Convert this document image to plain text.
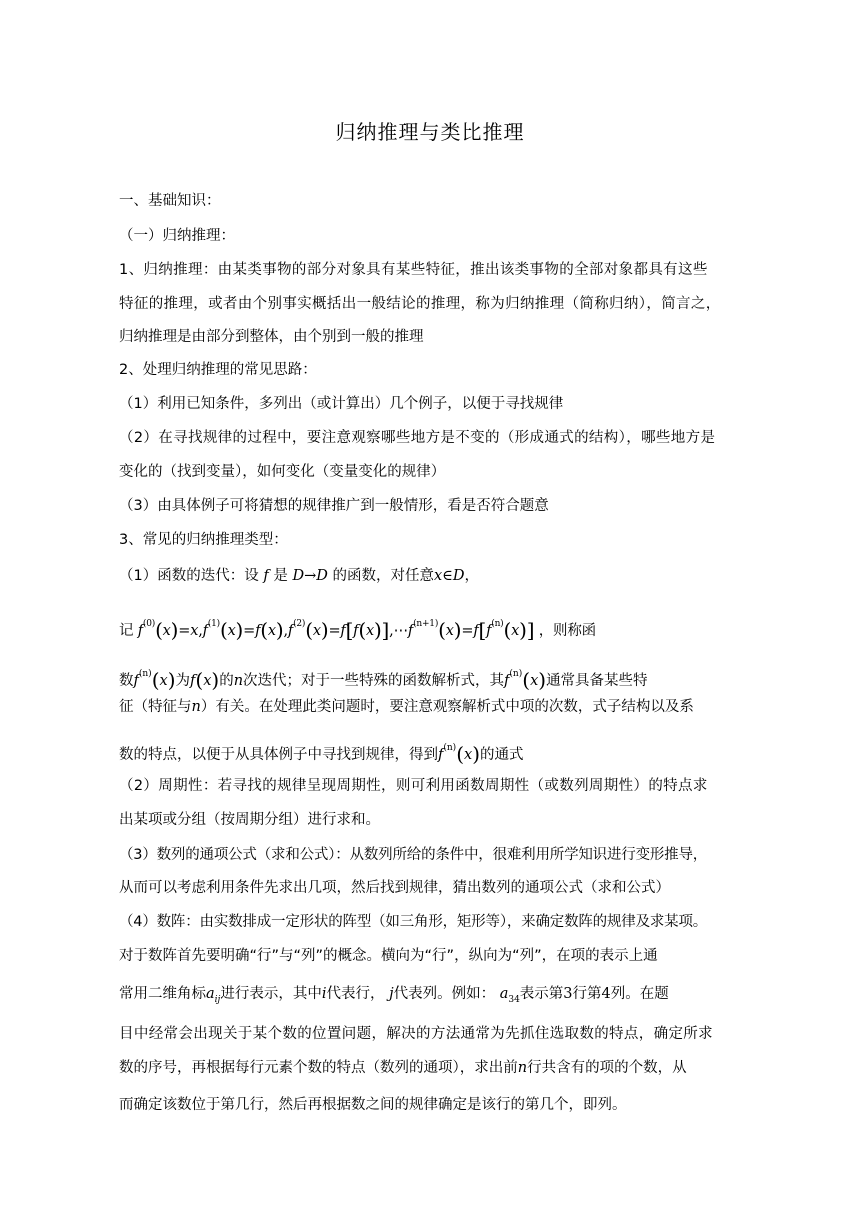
归纳推理与类比推理
一、基础知识：
（一）归纳推理：
1、归纳推理：由某类事物的部分对象具有某些特征，推出该类事物的全部对象都具有这些
特征的推理，或者由个别事实概括出一般结论的推理，称为归纳推理（简称归纳），简言之，
归纳推理是由部分到整体，由个别到一般的推理
2、处理归纳推理的常见思路：
（1）利用已知条件，多列出（或计算出）几个例子，以便于寻找规律
（2）在寻找规律的过程中，要注意观察哪些地方是不变的（形成通式的结构），哪些地方是
变化的（找到变量），如何变化（变量变化的规律）
（3）由具体例子可将猜想的规律推广到一般情形，看是否符合题意
3、常见的归纳推理类型：
（1）函数的迭代：设 f 是 D→D 的函数，对任意x∈D，
记 $f^{(0)}(x)=x,f^{(1)}(x)=f(x),f^{(2)}(x)=f[f(x)],\cdots f^{(n+1)}(x)=f[f^{(n)}(x)]$ ，则称函
数$f^{(n)}(x)$为f(x)的n次迭代；对于一些特殊的函数解析式，其$f^{(n)}(x)$通常具备某些特
征（特征与n）有关。在处理此类问题时，要注意观察解析式中项的次数，式子结构以及系
数的特点，以便于从具体例子中寻找到规律，得到$f^{(n)}(x)$的通式
（2）周期性：若寻找的规律呈现周期性，则可利用函数周期性（或数列周期性）的特点求
出某项或分组（按周期分组）进行求和。
（3）数列的通项公式（求和公式）：从数列所给的条件中，很难利用所学知识进行变形推导，
从而可以考虑利用条件先求出几项，然后找到规律，猜出数列的通项公式（求和公式）
（4）数阵：由实数排成一定形状的阵型（如三角形，矩形等），来确定数阵的规律及求某项。
对于数阵首先要明确“行”与“列”的概念。横向为“行”，纵向为“列”，在项的表示上通
常用二维角标$a_{ij}$进行表示，其中i代表行， j代表列。例如： $a_{34}$表示第3行第4列。在题
目中经常会出现关于某个数的位置问题，解决的方法通常为先抓住选取数的特点，确定所求
数的序号，再根据每行元素个数的特点（数列的通项），求出前n行共含有的项的个数，从
而确定该数位于第几行，然后再根据数之间的规律确定是该行的第几个，即列。
